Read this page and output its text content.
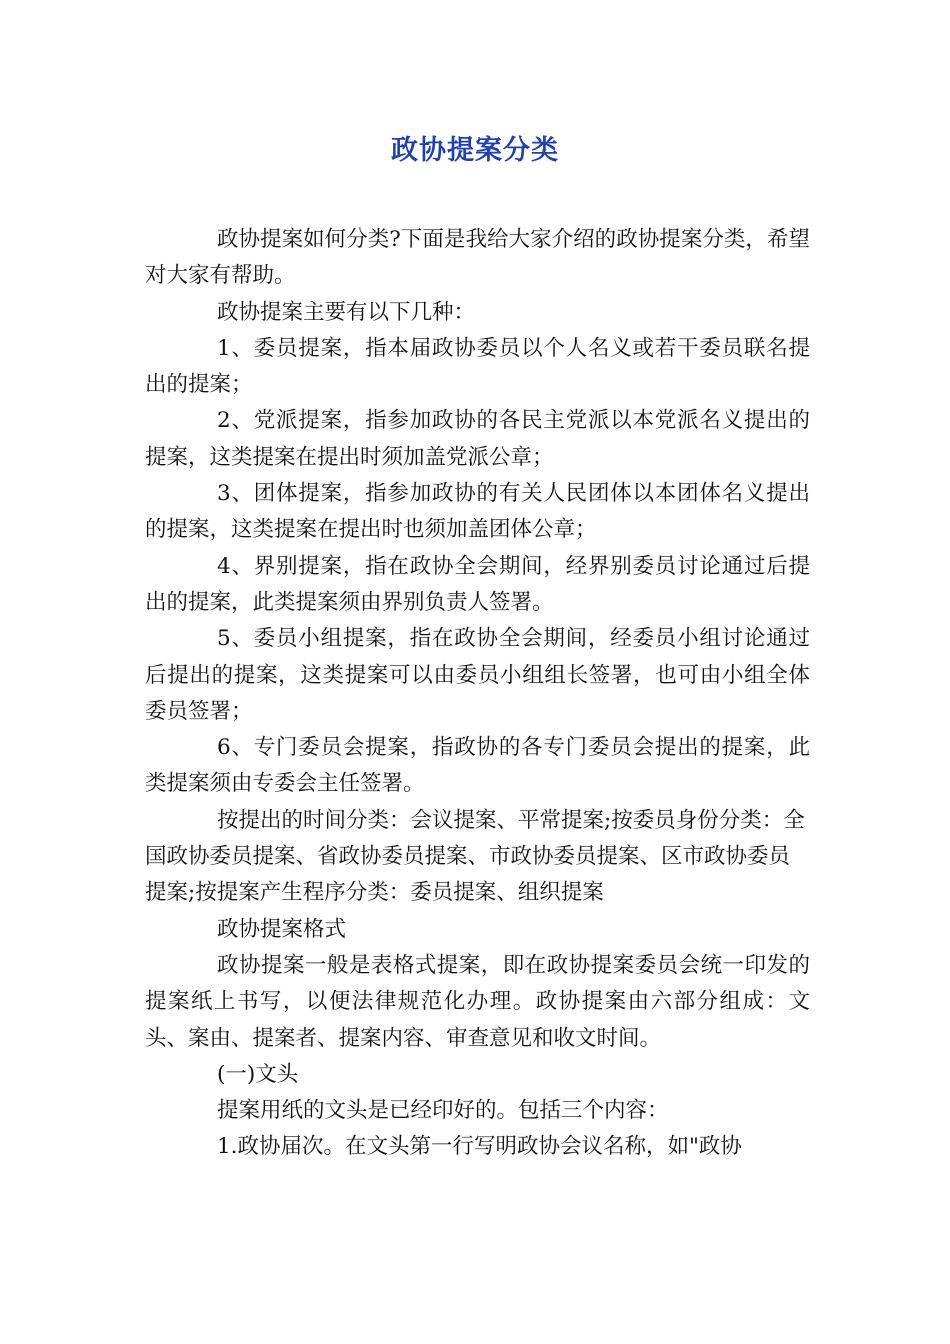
政协提案分类

政协提案如何分类?下面是我给大家介绍的政协提案分类，希望对大家有帮助。

政协提案主要有以下几种：

1、委员提案，指本届政协委员以个人名义或若干委员联名提出的提案；

2、党派提案，指参加政协的各民主党派以本党派名义提出的提案，这类提案在提出时须加盖党派公章；

3、团体提案，指参加政协的有关人民团体以本团体名义提出的提案，这类提案在提出时也须加盖团体公章；

4、界别提案，指在政协全会期间，经界别委员讨论通过后提出的提案，此类提案须由界别负责人签署。

5、委员小组提案，指在政协全会期间，经委员小组讨论通过后提出的提案，这类提案可以由委员小组组长签署，也可由小组全体委员签署；

6、专门委员会提案，指政协的各专门委员会提出的提案，此类提案须由专委会主任签署。

按提出的时间分类：会议提案、平常提案;按委员身份分类：全国政协委员提案、省政协委员提案、市政协委员提案、区市政协委员提案;按提案产生程序分类：委员提案、组织提案

政协提案格式

政协提案一般是表格式提案，即在政协提案委员会统一印发的提案纸上书写，以便法律规范化办理。政协提案由六部分组成：文头、案由、提案者、提案内容、审查意见和收文时间。

(一)文头

提案用纸的文头是已经印好的。包括三个内容：

1.政协届次。在文头第一行写明政协会议名称，如"政协
